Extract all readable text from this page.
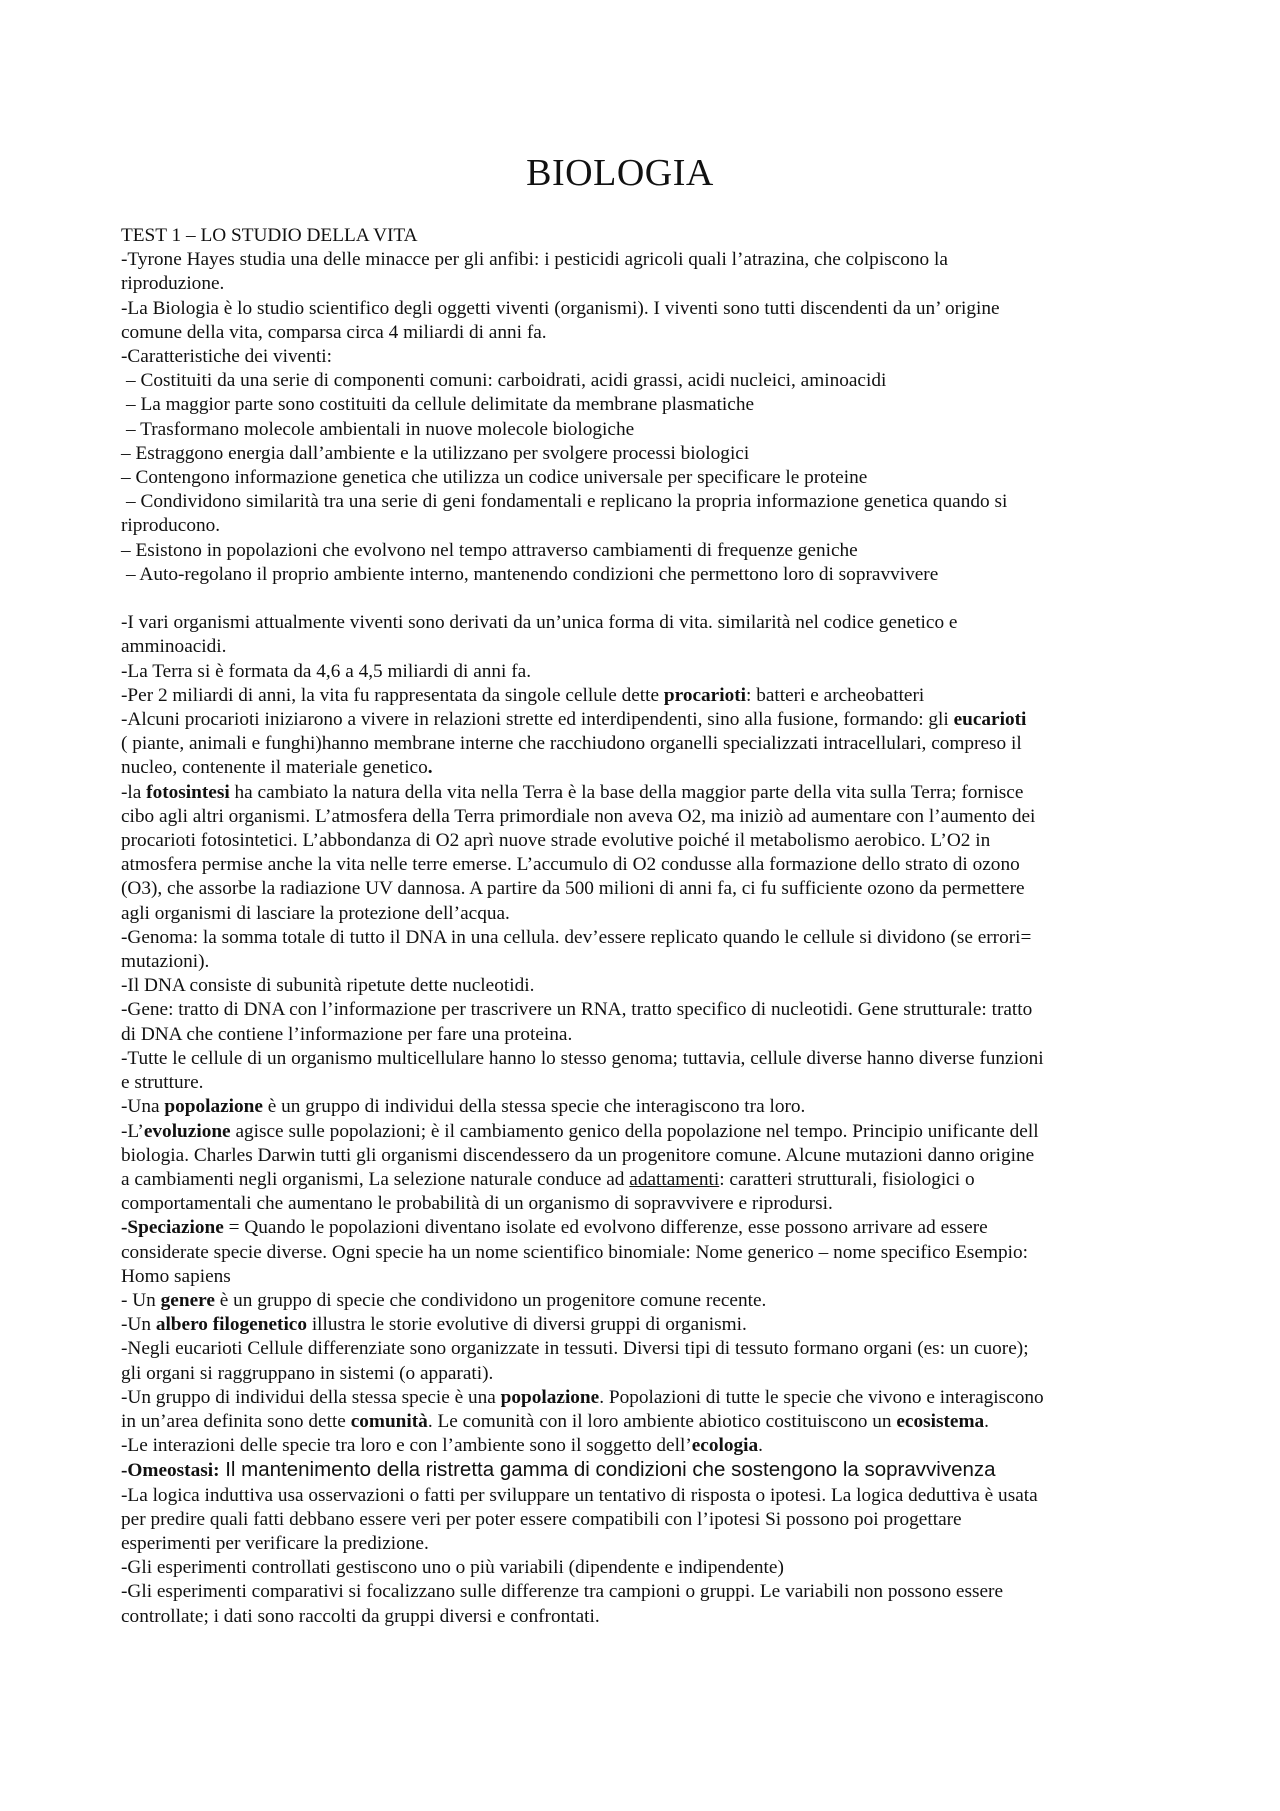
BIOLOGIA
TEST 1 – LO STUDIO DELLA VITA
-Tyrone Hayes studia una delle minacce per gli anfibi: i pesticidi agricoli quali l’atrazina, che colpiscono la
riproduzione.
-La Biologia è lo studio scientifico degli oggetti viventi (organismi). I viventi sono tutti discendenti da un’ origine
comune della vita, comparsa circa 4 miliardi di anni fa.
-Caratteristiche dei viventi:
– Costituiti da una serie di componenti comuni: carboidrati, acidi grassi, acidi nucleici, aminoacidi
– La maggior parte sono costituiti da cellule delimitate da membrane plasmatiche
– Trasformano molecole ambientali in nuove molecole biologiche
– Estraggono energia dall’ambiente e la utilizzano per svolgere processi biologici
– Contengono informazione genetica che utilizza un codice universale per specificare le proteine
– Condividono similarità tra una serie di geni fondamentali e replicano la propria informazione genetica quando si
riproducono.
– Esistono in popolazioni che evolvono nel tempo attraverso cambiamenti di frequenze geniche
– Auto-regolano il proprio ambiente interno, mantenendo condizioni che permettono loro di sopravvivere
-I vari organismi attualmente viventi sono derivati da un’unica forma di vita. similarità nel codice genetico e
amminoacidi.
-La Terra si è formata da 4,6 a 4,5 miliardi di anni fa.
-Per 2 miliardi di anni, la vita fu rappresentata da singole cellule dette procarioti: batteri e archeobatteri
-Alcuni procarioti iniziarono a vivere in relazioni strette ed interdipendenti, sino alla fusione, formando: gli eucarioti
( piante, animali e funghi)hanno membrane interne che racchiudono organelli specializzati intracellulari, compreso il
nucleo, contenente il materiale genetico.
-la fotosintesi ha cambiato la natura della vita nella Terra è la base della maggior parte della vita sulla Terra; fornisce
cibo agli altri organismi. L’atmosfera della Terra primordiale non aveva O2, ma iniziò ad aumentare con l’aumento dei
procarioti fotosintetici. L’abbondanza di O2 aprì nuove strade evolutive poiché il metabolismo aerobico. L’O2 in
atmosfera permise anche la vita nelle terre emerse. L’accumulo di O2 condusse alla formazione dello strato di ozono
(O3), che assorbe la radiazione UV dannosa. A partire da 500 milioni di anni fa, ci fu sufficiente ozono da permettere
agli organismi di lasciare la protezione dell’acqua.
-Genoma: la somma totale di tutto il DNA in una cellula. dev’essere replicato quando le cellule si dividono (se errori=
mutazioni).
-Il DNA consiste di subunità ripetute dette nucleotidi.
-Gene: tratto di DNA con l’informazione per trascrivere un RNA, tratto specifico di nucleotidi. Gene strutturale: tratto
di DNA che contiene l’informazione per fare una proteina.
-Tutte le cellule di un organismo multicellulare hanno lo stesso genoma; tuttavia, cellule diverse hanno diverse funzioni
e strutture.
-Una popolazione è un gruppo di individui della stessa specie che interagiscono tra loro.
-L’evoluzione agisce sulle popolazioni; è il cambiamento genico della popolazione nel tempo. Principio unificante dell
biologia. Charles Darwin tutti gli organismi discendessero da un progenitore comune. Alcune mutazioni danno origine
a cambiamenti negli organismi, La selezione naturale conduce ad adattamenti: caratteri strutturali, fisiologici o
comportamentali che aumentano le probabilità di un organismo di sopravvivere e riprodursi.
-Speciazione = Quando le popolazioni diventano isolate ed evolvono differenze, esse possono arrivare ad essere
considerate specie diverse. Ogni specie ha un nome scientifico binomiale: Nome generico – nome specifico Esempio:
Homo sapiens
- Un genere è un gruppo di specie che condividono un progenitore comune recente.
-Un albero filogenetico illustra le storie evolutive di diversi gruppi di organismi.
-Negli eucarioti Cellule differenziate sono organizzate in tessuti. Diversi tipi di tessuto formano organi (es: un cuore);
gli organi si raggruppano in sistemi (o apparati).
-Un gruppo di individui della stessa specie è una popolazione. Popolazioni di tutte le specie che vivono e interagiscono
in un’area definita sono dette comunità. Le comunità con il loro ambiente abiotico costituiscono un ecosistema.
-Le interazioni delle specie tra loro e con l’ambiente sono il soggetto dell’ecologia.
-Omeostasi: Il mantenimento della ristretta gamma di condizioni che sostengono la sopravvivenza
-La logica induttiva usa osservazioni o fatti per sviluppare un tentativo di risposta o ipotesi. La logica deduttiva è usata
per predire quali fatti debbano essere veri per poter essere compatibili con l’ipotesi Si possono poi progettare
esperimenti per verificare la predizione.
-Gli esperimenti controllati gestiscono uno o più variabili (dipendente e indipendente)
-Gli esperimenti comparativi si focalizzano sulle differenze tra campioni o gruppi. Le variabili non possono essere
controllate; i dati sono raccolti da gruppi diversi e confrontati.
